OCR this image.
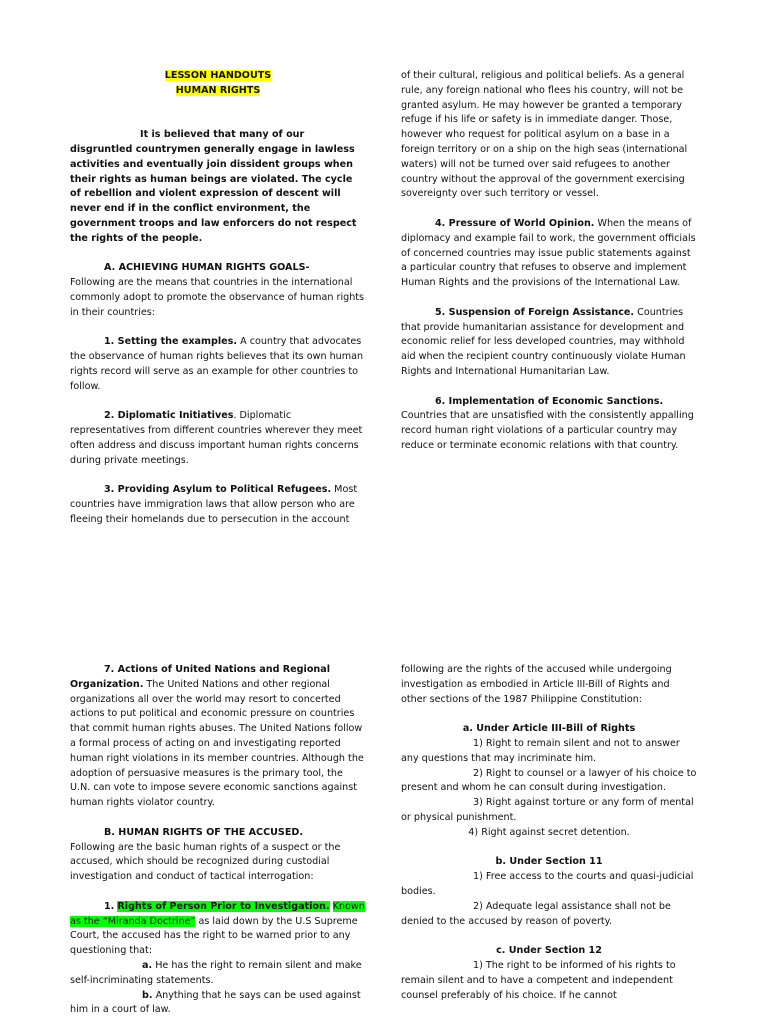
LESSON HANDOUTS

HUMAN RIGHTS

It is believed that many of our disgruntled countrymen generally engage in lawless activities and eventually join dissident groups when their rights as human beings are violated. The cycle of rebellion and violent expression of descent will never end if in the conflict environment, the government troops and law enforcers do not respect the rights of the people.

A. ACHIEVING HUMAN RIGHTS GOALS-

Following are the means that countries in the international commonly adopt to promote the observance of human rights in their countries:

1. Setting the examples. A country that advocates the observance of human rights believes that its own human rights record will serve as an example for other countries to follow.

2. Diplomatic Initiatives. Diplomatic representatives from different countries wherever they meet often address and discuss important human rights concerns during private meetings.

3. Providing Asylum to Political Refugees. Most countries have immigration laws that allow person who are fleeing their homelands due to persecution in the account

of their cultural, religious and political beliefs. As a general rule, any foreign national who flees his country, will not be granted asylum. He may however be granted a temporary refuge if his life or safety is in immediate danger. Those, however who request for political asylum on a base in a foreign territory or on a ship on the high seas (international waters) will not be turned over said refugees to another country without the approval of the government exercising sovereignty over such territory or vessel.

4. Pressure of World Opinion. When the means of diplomacy and example fail to work, the government officials of concerned countries may issue public statements against a particular country that refuses to observe and implement Human Rights and the provisions of the International Law.

5. Suspension of Foreign Assistance. Countries that provide humanitarian assistance for development and economic relief for less developed countries, may withhold aid when the recipient country continuously violate Human Rights and International Humanitarian Law.

6. Implementation of Economic Sanctions. Countries that are unsatisfied with the consistently appalling record human right violations of a particular country may reduce or terminate economic relations with that country.

7. Actions of United Nations and Regional

Organization. The United Nations and other regional organizations all over the world may resort to concerted actions to put political and economic pressure on countries that commit human rights abuses. The United Nations follow a formal process of acting on and investigating reported human right violations in its member countries. Although the adoption of persuasive measures is the primary tool, the U.N. can vote to impose severe economic sanctions against human rights violator country.

B. HUMAN RIGHTS OF THE ACCUSED.

Following are the basic human rights of a suspect or the accused, which should be recognized during custodial investigation and conduct of tactical interrogation:

1. Rights of Person Prior to Investigation. Known as the “Miranda Doctrine” as laid down by the U.S Supreme Court, the accused has the right to be warned prior to any questioning that:

a. He has the right to remain silent and make self-incriminating statements.

b. Anything that he says can be used against him in a court of law.

following are the rights of the accused while undergoing investigation as embodied in Article III-Bill of Rights and other sections of the 1987 Philippine Constitution:

a. Under Article III-Bill of Rights

1) Right to remain silent and not to answer any questions that may incriminate him.

2) Right to counsel or a lawyer of his choice to present and whom he can consult during investigation.

3) Right against torture or any form of mental or physical punishment.

4) Right against secret detention.

b. Under Section 11

1) Free access to the courts and quasi-judicial bodies.

2) Adequate legal assistance shall not be denied to the accused by reason of poverty.

c. Under Section 12

1) The right to be informed of his rights to remain silent and to have a competent and independent counsel preferably of his choice. If he cannot
